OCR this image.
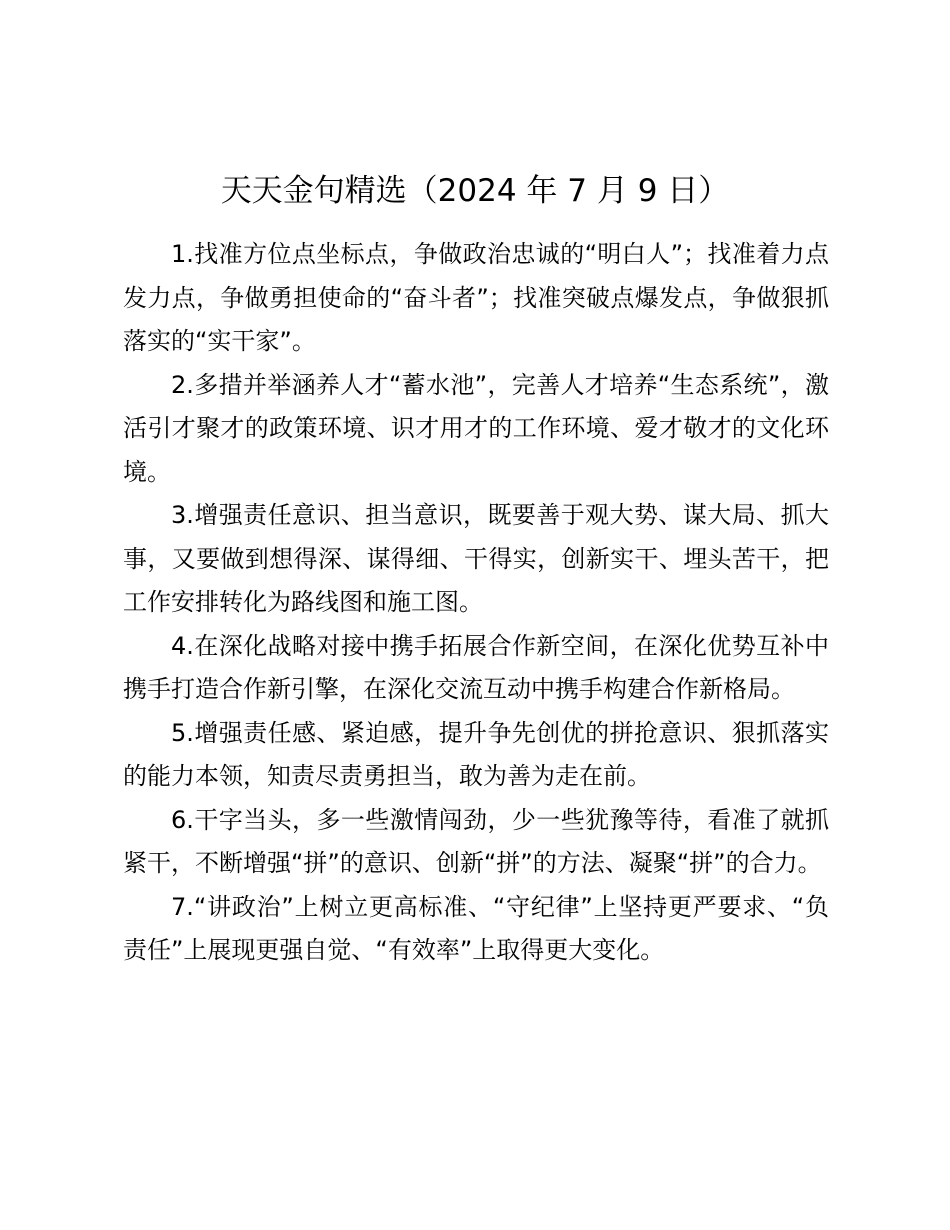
天天金句精选（2024 年 7 月 9 日）

1.找准方位点坐标点，争做政治忠诚的“明白人”；找准着力点发力点，争做勇担使命的“奋斗者”；找准突破点爆发点，争做狠抓落实的“实干家”。

2.多措并举涵养人才“蓄水池”，完善人才培养“生态系统”，激活引才聚才的政策环境、识才用才的工作环境、爱才敬才的文化环境。

3.增强责任意识、担当意识，既要善于观大势、谋大局、抓大事，又要做到想得深、谋得细、干得实，创新实干、埋头苦干，把工作安排转化为路线图和施工图。

4.在深化战略对接中携手拓展合作新空间，在深化优势互补中携手打造合作新引擎，在深化交流互动中携手构建合作新格局。

5.增强责任感、紧迫感，提升争先创优的拼抢意识、狠抓落实的能力本领，知责尽责勇担当，敢为善为走在前。

6.干字当头，多一些激情闯劲，少一些犹豫等待，看准了就抓紧干，不断增强“拼”的意识、创新“拼”的方法、凝聚“拼”的合力。

7.“讲政治”上树立更高标准、“守纪律”上坚持更严要求、“负责任”上展现更强自觉、“有效率”上取得更大变化。
